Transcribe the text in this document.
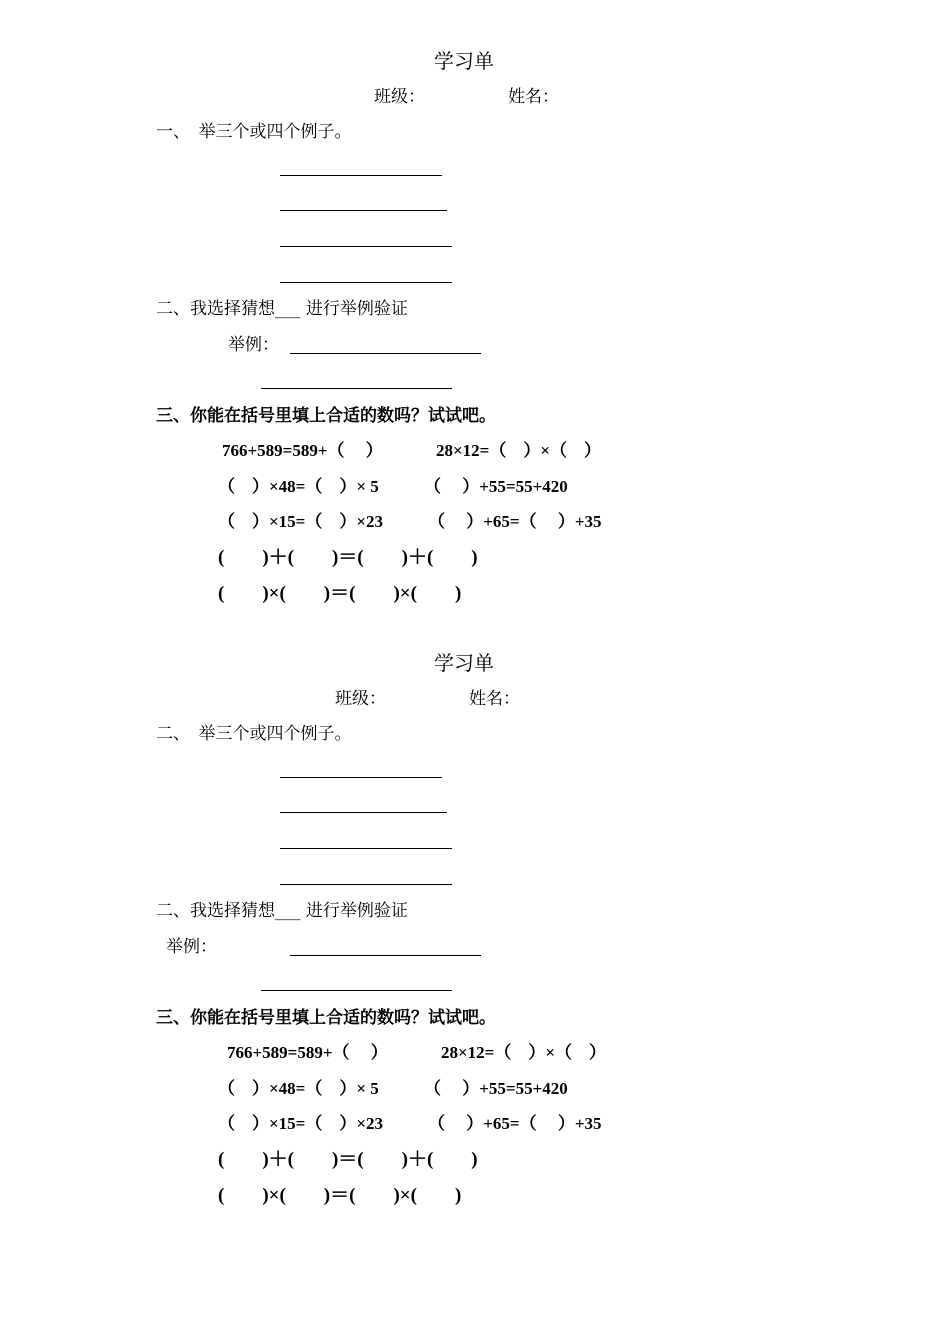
学习单
班级：	姓名：
一、　举三个或四个例子。
二、我选择猜想___ 进行举例验证
举例：
三、你能在括号里填上合适的数吗？试试吧。
766+589=589+（　 ）	28×12=（　）×（　）
（　）×48=（　）× 5	（　 ）+55=55+420
（　）×15=（　）×23	（　 ）+65=（　 ）+35
(　　)＋(　　)＝(　　)＋(　　)
(　　)×(　　)＝(　　)×(　　)
学习单
班级：	姓名：
二、　举三个或四个例子。
二、我选择猜想___ 进行举例验证
举例：
三、你能在括号里填上合适的数吗？试试吧。
766+589=589+（　 ）	28×12=（　）×（　）
（　）×48=（　）× 5	（　 ）+55=55+420
（　）×15=（　）×23	（　 ）+65=（　 ）+35
(　　)＋(　　)＝(　　)＋(　　)
(　　)×(　　)＝(　　)×(　　)
